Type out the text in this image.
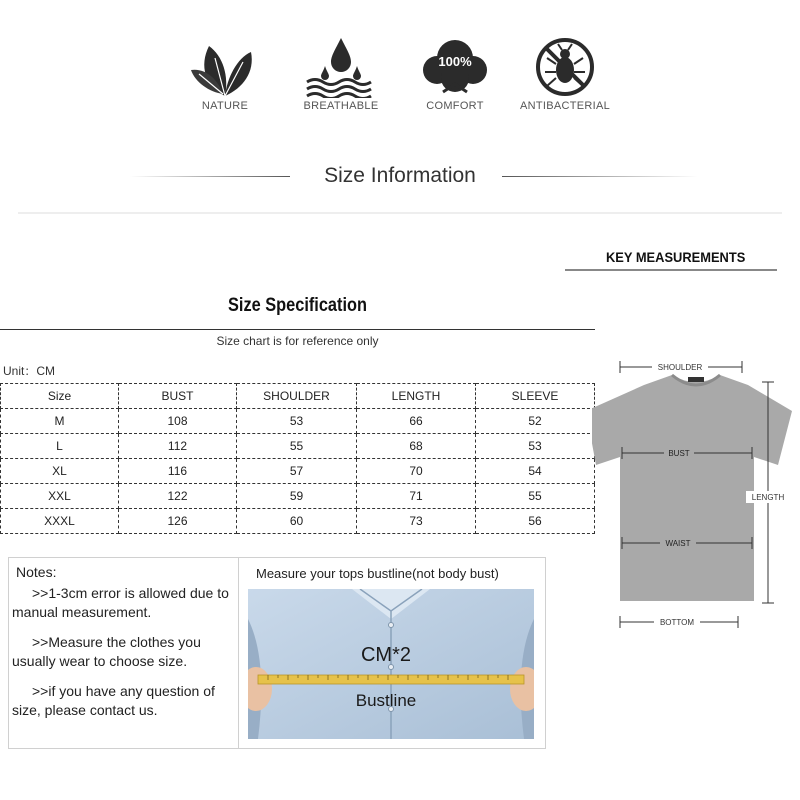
NATURE	BREATHABLE
100%
COMFORT	ANTIBACTERIAL
Size Information
Size Specification
Size chart is for reference only
Unit：CM
Size	BUST	SHOULDER	LENGTH	SLEEVE
M	108	53	66	52
L	112	55	68	53
XL	116	57	70	54
XXL	122	59	71	55
XXXL	126	60	73	56

Notes:

>>1-3cm error is allowed due to manual measurement.

>>Measure the clothes you usually wear to choose size.

>>if you have any question of size, please contact us.

Measure your tops bustline(not body bust)
CM*2
Bustline
KEY MEASUREMENTS
SHOULDER
BUST
WAIST
BOTTOM
LENGTH
